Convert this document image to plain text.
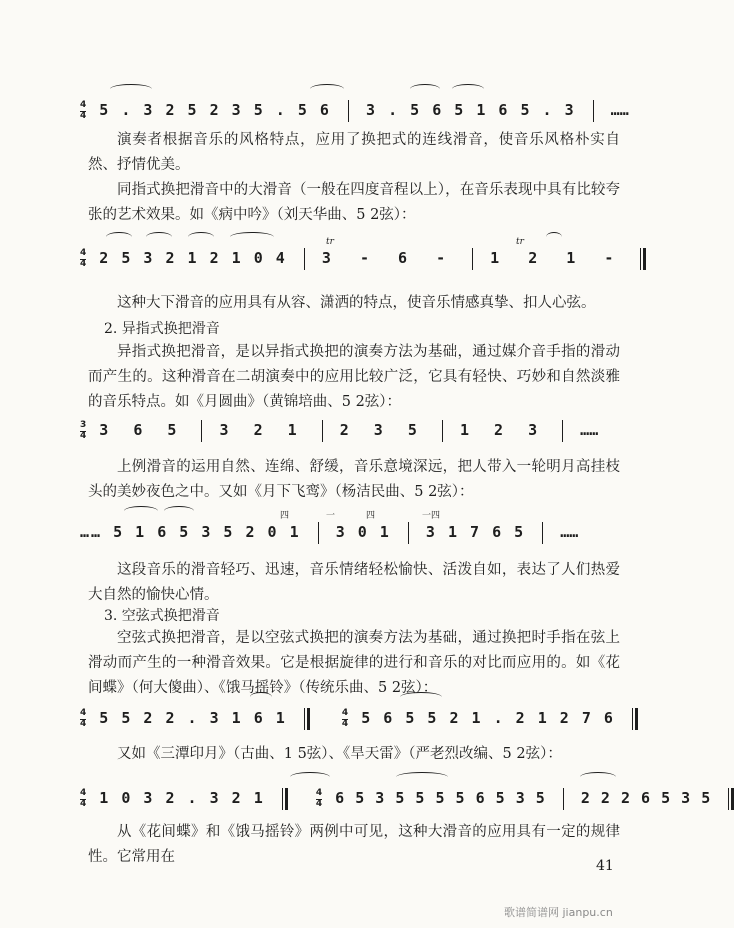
$\frac{4}{4} 5$ . 3 2 5 2 3 5 . 5 6 3 . 5 6 5 1 6 5 . 3 ……

演奏者根据音乐的风格特点，应用了换把式的连线滑音，使音乐风格朴实自然、抒情优美。

同指式换把滑音中的大滑音（一般在四度音程以上），在音乐表现中具有比较夸张的艺术效果。如《病中吟》（刘天华曲、5 2弦）：

tr	tr
$\frac{4}{4} 2$ 5 3 2 1 2 1 0 4 3 - 6 - 1 2 1 -

这种大下滑音的应用具有从容、潇洒的特点，使音乐情感真挚、扣人心弦。

2. 异指式换把滑音

异指式换把滑音，是以异指式换把的演奏方法为基础，通过媒介音手指的滑动而产生的。这种滑音在二胡演奏中的应用比较广泛，它具有轻快、巧妙和自然淡雅的音乐特点。如《月圆曲》（黄锦培曲、5 2弦）：

$\frac{3}{4} 3$ 6 5 3 2 1 2 3 5 1 2 3 ……

上例滑音的运用自然、连绵、舒缓，音乐意境深远，把人带入一轮明月高挂枝头的美妙夜色之中。又如《月下飞鸾》（杨洁民曲、5 2弦）：

四	一	四	一四
…… 5 1 6 5 3 5 2 0 1 3 0 1 3 1 7 6 5 ……

这段音乐的滑音轻巧、迅速，音乐情绪轻松愉快、活泼自如，表达了人们热爱大自然的愉快心情。

3. 空弦式换把滑音

空弦式换把滑音，是以空弦式换把的演奏方法为基础，通过换把时手指在弦上滑动而产生的一种滑音效果。它是根据旋律的进行和音乐的对比而应用的。如《花间蝶》（何大傻曲）、《饿马摇铃》（传统乐曲、5 2弦）：

$\frac{4}{4} 5$ 5 2 2 . 3 1 6 1	$\frac{4}{4} 5$ 6 5 5 2 1 . 2 1 2 7 6

又如《三潭印月》（古曲、1 5弦）、《旱天雷》（严老烈改编、5 2弦）：

$\frac{4}{4} 1$ 0 3 2 . 3 2 1	$\frac{4}{4} 6$ 5 3 5 5 5 5 6 5 3 5 2 2 2 6 5 3 5

从《花间蝶》和《饿马摇铃》两例中可见，这种大滑音的应用具有一定的规律性。它常用在

41
歌谱简谱网 jianpu.cn
